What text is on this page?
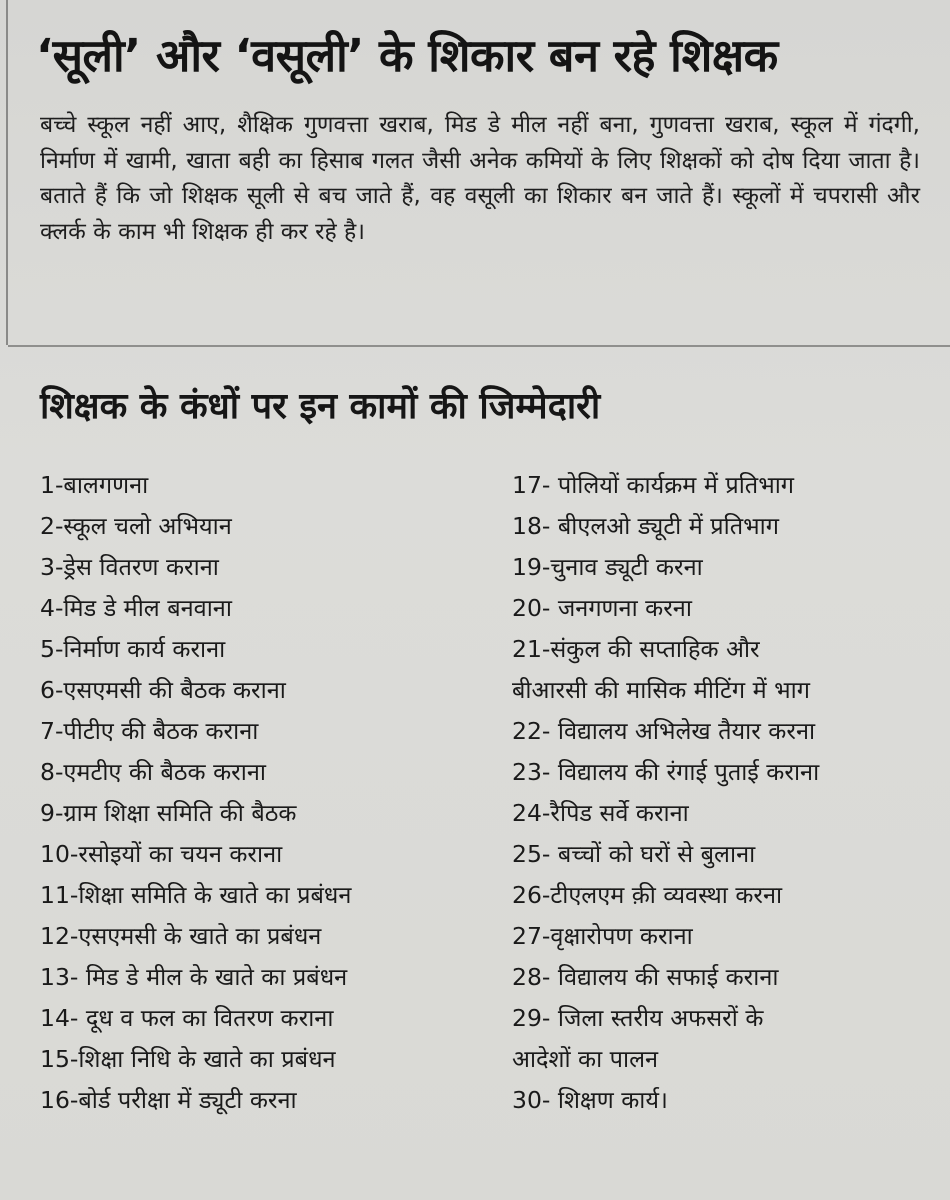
‘सूली’ और ‘वसूली’ के शिकार बन रहे शिक्षक

बच्चे स्कूल नहीं आए, शैक्षिक गुणवत्ता खराब, मिड डे मील नहीं बना, गुणवत्ता खराब, स्कूल में गंदगी, निर्माण में खामी, खाता बही का हिसाब गलत जैसी अनेक कमियों के लिए शिक्षकों को दोष दिया जाता है। बताते हैं कि जो शिक्षक सूली से बच जाते हैं, वह वसूली का शिकार बन जाते हैं। स्कूलों में चपरासी और क्लर्क के काम भी शिक्षक ही कर रहे है।

शिक्षक के कंधों पर इन कामों की जिम्मेदारी
1-बालगणना
2-स्कूल चलो अभियान
3-ड्रेस वितरण कराना
4-मिड डे मील बनवाना
5-निर्माण कार्य कराना
6-एसएमसी की बैठक कराना
7-पीटीए की बैठक कराना
8-एमटीए की बैठक कराना
9-ग्राम शिक्षा समिति की बैठक
10-रसोइयों का चयन कराना
11-शिक्षा समिति के खाते का प्रबंधन
12-एसएमसी के खाते का प्रबंधन
13- मिड डे मील के खाते का प्रबंधन
14- दूध व फल का वितरण कराना
15-शिक्षा निधि के खाते का प्रबंधन
16-बोर्ड परीक्षा में ड्यूटी करना
17- पोलियों कार्यक्रम में प्रतिभाग
18- बीएलओ ड्यूटी में प्रतिभाग
19-चुनाव ड्यूटी करना
20- जनगणना करना
21-संकुल की सप्ताहिक और
बीआरसी की मासिक मीटिंग में भाग
22- विद्यालय अभिलेख तैयार करना
23- विद्यालय की रंगाई पुताई कराना
24-रैपिड सर्वे कराना
25- बच्चों को घरों से बुलाना
26-टीएलएम क़ी व्यवस्था करना
27-वृक्षारोपण कराना
28- विद्यालय की सफाई कराना
29- जिला स्तरीय अफसरों के
आदेशों का पालन
30- शिक्षण कार्य।
